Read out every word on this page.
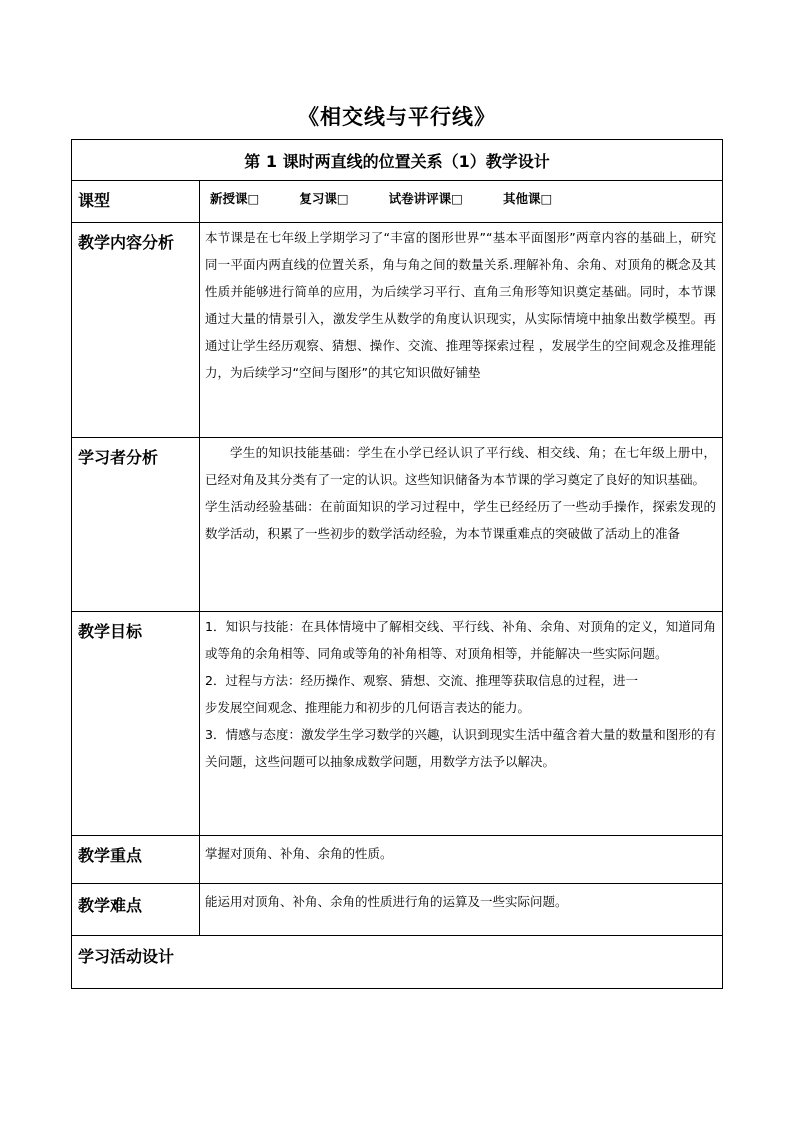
《相交线与平行线》
第 1 课时两直线的位置关系（1）教学设计	
课型	新授课□ 复习课□ 试卷讲评课□ 其他课□

教学内容分析	本节课是在七年级上学期学习了“丰富的图形世界”“基本平面图形”两章内容的基础上，研究同一平面内两直线的位置关系，角与角之间的数量关系.理解补角、余角、对顶角的概念及其性质并能够进行简单的应用，为后续学习平行、直角三角形等知识奠定基础。同时，本节课通过大量的情景引入，激发学生从数学的角度认识现实，从实际情境中抽象出数学模型。再通过让学生经历观察、猜想、操作、交流、推理等探索过程 ，发展学生的空间观念及推理能力，为后续学习“空间与图形”的其它知识做好铺垫

学习者分析	学生的知识技能基础：学生在小学已经认识了平行线、相交线、角；在七年级上册中，已经对角及其分类有了一定的认识。这些知识储备为本节课的学习奠定了良好的知识基础。

学生活动经验基础：在前面知识的学习过程中，学生已经经历了一些动手操作，探索发现的数学活动，积累了一些初步的数学活动经验，为本节课重难点的突破做了活动上的准备

教学目标	1．知识与技能：在具体情境中了解相交线、平行线、补角、余角、对顶角的定义，知道同角或等角的余角相等、同角或等角的补角相等、对顶角相等，并能解决一些实际问题。

2．过程与方法：经历操作、观察、猜想、交流、推理等获取信息的过程，进一

步发展空间观念、推理能力和初步的几何语言表达的能力。

3．情感与态度：激发学生学习数学的兴趣，认识到现实生活中蕴含着大量的数量和图形的有关问题，这些问题可以抽象成数学问题，用数学方法予以解决。

教学重点	掌握对顶角、补角、余角的性质。

教学难点	能运用对顶角、补角、余角的性质进行角的运算及一些实际问题。

学习活动设计	
